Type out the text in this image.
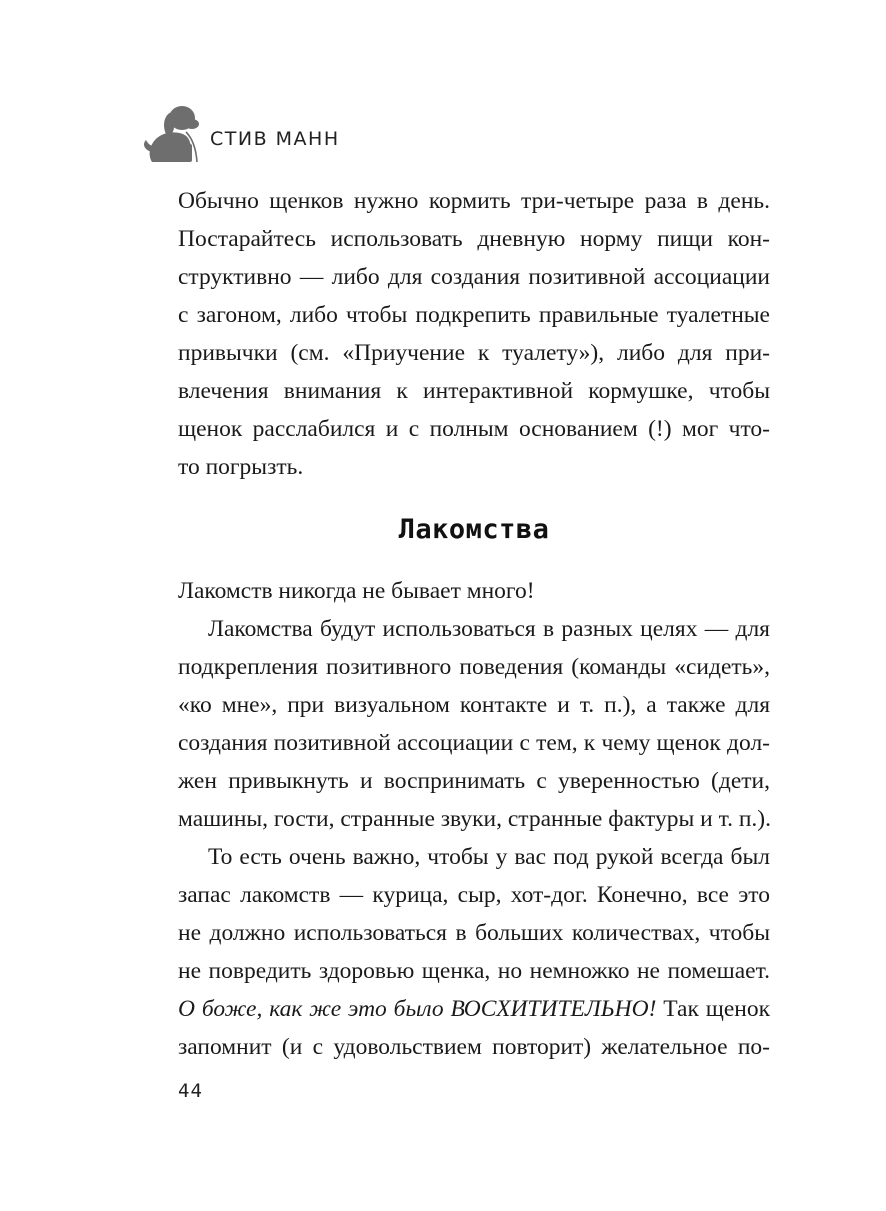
СТИВ МАНН
Обычно щенков нужно кормить три-четыре раза в день.
Постарайтесь использовать дневную норму пищи кон-
структивно — либо для создания позитивной ассоциации
с загоном, либо чтобы подкрепить правильные туалетные
привычки (см. «Приучение к туалету»), либо для при-
влечения внимания к интерактивной кормушке, чтобы
щенок расслабился и с полным основанием (!) мог что-
то погрызть.
Лакомства
Лакомств никогда не бывает много!
Лакомства будут использоваться в разных целях — для
подкрепления позитивного поведения (команды «сидеть»,
«ко мне», при визуальном контакте и т. п.), а также для
создания позитивной ассоциации с тем, к чему щенок дол-
жен привыкнуть и воспринимать с уверенностью (дети,
машины, гости, странные звуки, странные фактуры и т. п.).
То есть очень важно, чтобы у вас под рукой всегда был
запас лакомств — курица, сыр, хот-дог. Конечно, все это
не должно использоваться в больших количествах, чтобы
не повредить здоровью щенка, но немножко не помешает.
О боже, как же это было ВОСХИТИТЕЛЬНО! Так щенок
запомнит (и с удовольствием повторит) желательное по-
44
